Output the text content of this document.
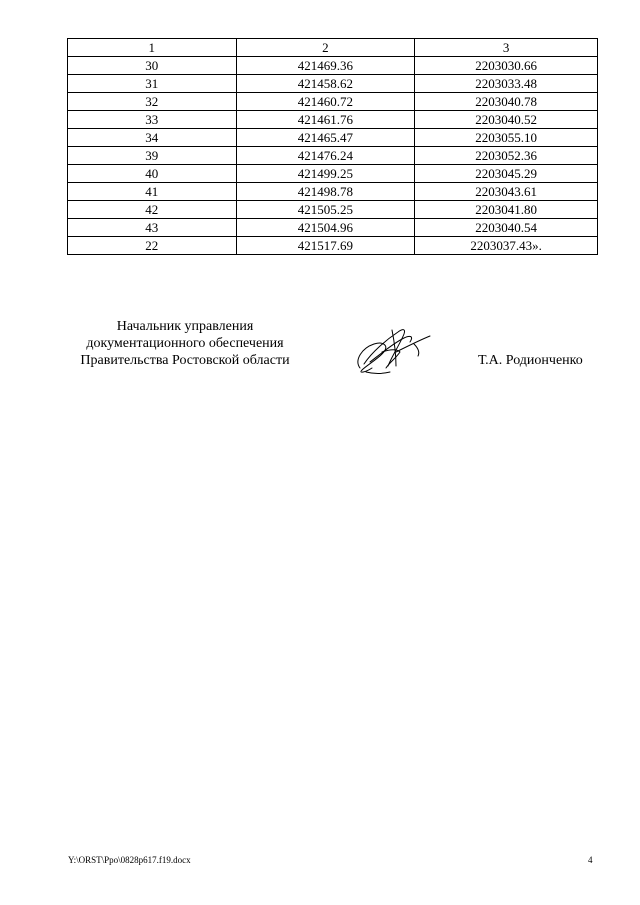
1	2	3
30	421469.36	2203030.66
31	421458.62	2203033.48
32	421460.72	2203040.78
33	421461.76	2203040.52
34	421465.47	2203055.10
39	421476.24	2203052.36
40	421499.25	2203045.29
41	421498.78	2203043.61
42	421505.25	2203041.80
43	421504.96	2203040.54
22	421517.69	2203037.43».
Начальник управления
документационного обеспечения
Правительства Ростовской области	Т.А. Родионченко
Y:\ORST\Ppo\0828p617.f19.docx	4
